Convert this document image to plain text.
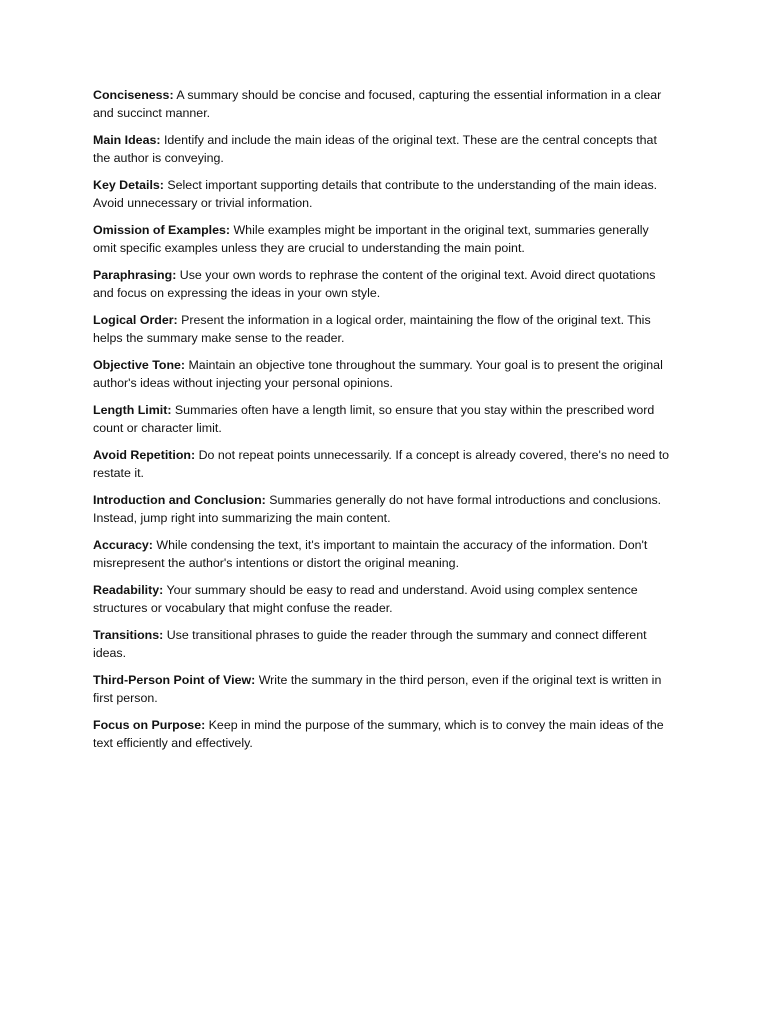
Conciseness: A summary should be concise and focused, capturing the essential information in a clear and succinct manner.

Main Ideas: Identify and include the main ideas of the original text. These are the central concepts that the author is conveying.

Key Details: Select important supporting details that contribute to the understanding of the main ideas. Avoid unnecessary or trivial information.

Omission of Examples: While examples might be important in the original text, summaries generally omit specific examples unless they are crucial to understanding the main point.

Paraphrasing: Use your own words to rephrase the content of the original text. Avoid direct quotations and focus on expressing the ideas in your own style.

Logical Order: Present the information in a logical order, maintaining the flow of the original text. This helps the summary make sense to the reader.

Objective Tone: Maintain an objective tone throughout the summary. Your goal is to present the original author's ideas without injecting your personal opinions.

Length Limit: Summaries often have a length limit, so ensure that you stay within the prescribed word count or character limit.

Avoid Repetition: Do not repeat points unnecessarily. If a concept is already covered, there's no need to restate it.

Introduction and Conclusion: Summaries generally do not have formal introductions and conclusions. Instead, jump right into summarizing the main content.

Accuracy: While condensing the text, it's important to maintain the accuracy of the information. Don't misrepresent the author's intentions or distort the original meaning.

Readability: Your summary should be easy to read and understand. Avoid using complex sentence structures or vocabulary that might confuse the reader.

Transitions: Use transitional phrases to guide the reader through the summary and connect different ideas.

Third-Person Point of View: Write the summary in the third person, even if the original text is written in first person.

Focus on Purpose: Keep in mind the purpose of the summary, which is to convey the main ideas of the text efficiently and effectively.
